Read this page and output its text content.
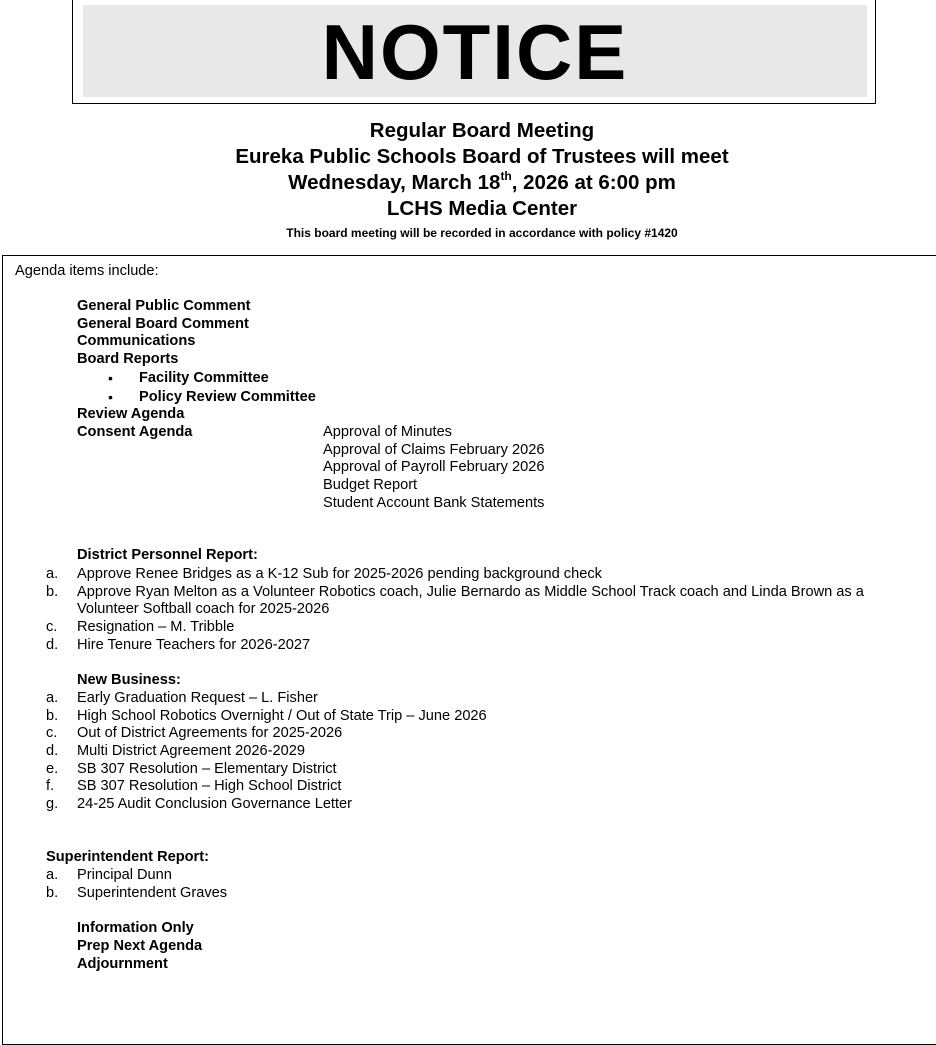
NOTICE
Regular Board Meeting
Eureka Public Schools Board of Trustees will meet
Wednesday, March 18th, 2026 at 6:00 pm
LCHS Media Center
This board meeting will be recorded in accordance with policy #1420
Agenda items include:
General Public Comment
General Board Comment
Communications
Board Reports
• Facility Committee
• Policy Review Committee
Review Agenda
Consent Agenda	Approval of Minutes
Approval of Claims February 2026
Approval of Payroll February 2026
Budget Report
Student Account Bank Statements
District Personnel Report:
a. Approve Renee Bridges as a K-12 Sub for 2025-2026 pending background check
b. Approve Ryan Melton as a Volunteer Robotics coach, Julie Bernardo as Middle School Track coach and Linda Brown as a
Volunteer Softball coach for 2025-2026
c. Resignation – M. Tribble
d. Hire Tenure Teachers for 2026-2027
New Business:
a. Early Graduation Request – L. Fisher
b. High School Robotics Overnight / Out of State Trip – June 2026
c. Out of District Agreements for 2025-2026
d. Multi District Agreement 2026-2029
e. SB 307 Resolution – Elementary District
f. SB 307 Resolution – High School District
g. 24-25 Audit Conclusion Governance Letter
Superintendent Report:
a. Principal Dunn
b. Superintendent Graves
Information Only
Prep Next Agenda
Adjournment
